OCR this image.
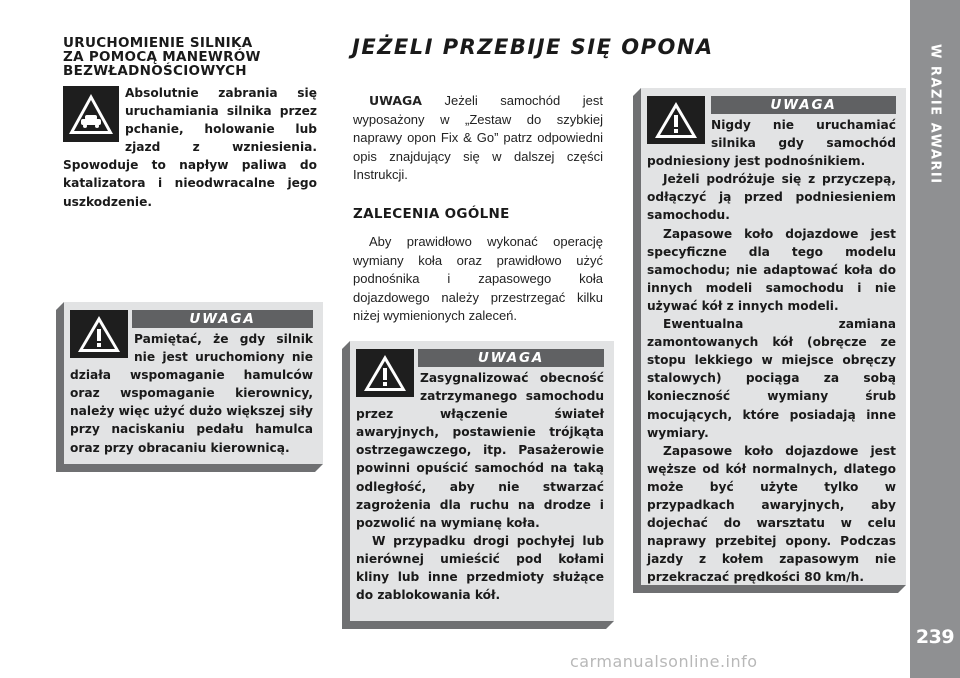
W RAZIE AWARII
239
URUCHOMIENIE SILNIKA
ZA POMOCĄ MANEWRÓW
BEZWŁADNOŚCIOWYCH

Absolutnie zabrania się uruchamiania silnika przez pchanie, holowanie lub zjazd z wzniesienia. Spowoduje to napływ paliwa do katalizatora i nieodwracalne jego uszkodzenie.

JEŻELI PRZEBIJE SIĘ OPONA

UWAGA Jeżeli samochód jest wyposażony w „Zestaw do szybkiej naprawy opon Fix & Go” patrz odpowiedni opis znajdujący się w dalszej części Instrukcji.

ZALECENIA OGÓLNE

Aby prawidłowo wykonać operację wymiany koła oraz prawidłowo użyć podnośnika i zapasowego koła dojazdowego należy przestrzegać kilku niżej wymienionych zaleceń.

UWAGA

Pamiętać, że gdy silnik nie jest uruchomiony nie działa wspomaganie hamulców oraz wspomaganie kierownicy, należy więc użyć dużo większej siły przy naciskaniu pedału hamulca oraz przy obracaniu kierownicą.

UWAGA

Zasygnalizować obecność zatrzymanego samochodu przez włączenie świateł awaryjnych, postawienie trójkąta ostrzegawczego, itp. Pasażerowie powinni opuścić samochód na taką odległość, aby nie stwarzać zagrożenia dla ruchu na drodze i pozwolić na wymianę koła.

W przypadku drogi pochyłej lub nierównej umieścić pod kołami kliny lub inne przedmioty służące do zablokowania kół.

UWAGA

Nigdy nie uruchamiać silnika gdy samochód podniesiony jest podnośnikiem.

Jeżeli podróżuje się z przyczepą, odłączyć ją przed podniesieniem samochodu.

Zapasowe koło dojazdowe jest specyficzne dla tego modelu samochodu; nie adaptować koła do innych modeli samochodu i nie używać kół z innych modeli.

Ewentualna zamiana zamontowanych kół (obręcze ze stopu lekkiego w miejsce obręczy stalowych) pociąga za sobą konieczność wymiany śrub mocujących, które posiadają inne wymiary.

Zapasowe koło dojazdowe jest węższe od kół normalnych, dlatego może być użyte tylko w przypadkach awaryjnych, aby dojechać do warsztatu w celu naprawy przebitej opony. Podczas jazdy z kołem zapasowym nie przekraczać prędkości 80 km/h.

carmanualsonline.info
